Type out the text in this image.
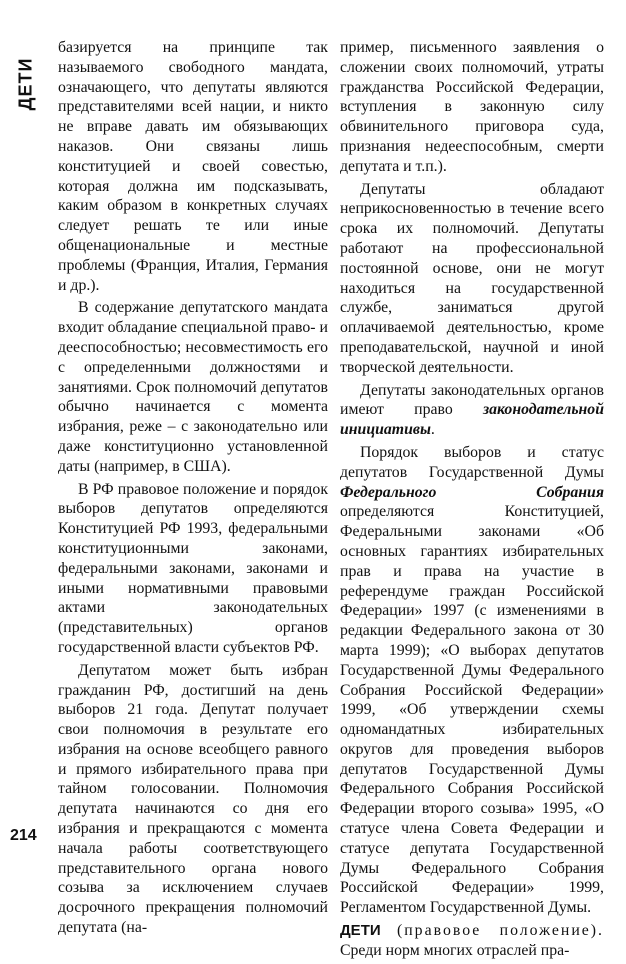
ДЕТИ

базируется на принципе так называемого свободного мандата, означающего, что депутаты являются представителями всей нации, и никто не вправе давать им обязывающих наказов. Они связаны лишь конституцией и своей совестью, которая должна им подсказывать, каким образом в конкретных случаях следует решать те или иные общенациональные и местные проблемы (Франция, Италия, Германия и др.).

В содержание депутатского мандата входит обладание специальной право- и дееспособностью; несовместимость его с определенными должностями и занятиями. Срок полномочий депутатов обычно начинается с момента избрания, реже – с законодательно или даже конституционно установленной даты (например, в США).

В РФ правовое положение и порядок выборов депутатов определяются Конституцией РФ 1993, федеральными конституционными законами, федеральными законами, законами и иными нормативными правовыми актами законодательных (представительных) органов государственной власти субъектов РФ.

Депутатом может быть избран гражданин РФ, достигший на день выборов 21 года. Депутат получает свои полномочия в результате его избрания на основе всеобщего равного и прямого избирательного права при тайном голосовании. Полномочия депутата начинаются со дня его избрания и прекращаются с момента начала работы соответствующего представительного органа нового созыва за исключением случаев досрочного прекращения полномочий депутата (на-

пример, письменного заявления о сложении своих полномочий, утраты гражданства Российской Федерации, вступления в законную силу обвинительного приговора суда, признания недееспособным, смерти депутата и т.п.).

Депутаты обладают неприкосновенностью в течение всего срока их полномочий. Депутаты работают на профессиональной постоянной основе, они не могут находиться на государственной службе, заниматься другой оплачиваемой деятельностью, кроме преподавательской, научной и иной творческой деятельности.

Депутаты законодательных органов имеют право законодательной инициативы.

Порядок выборов и статус депутатов Государственной Думы Федерального Собрания определяются Конституцией, Федеральными законами «Об основных гарантиях избирательных прав и права на участие в референдуме граждан Российской Федерации» 1997 (с изменениями в редакции Федерального закона от 30 марта 1999); «О выборах депутатов Государственной Думы Федерального Собрания Российской Федерации» 1999, «Об утверждении схемы одномандатных избирательных округов для проведения выборов депутатов Государственной Думы Федерального Собрания Российской Федерации второго созыва» 1995, «О статусе члена Совета Федерации и статусе депутата Государственной Думы Федерального Собрания Российской Федерации» 1999, Регламентом Государственной Думы.

ДЕТИ (правовое положение). Среди норм многих отраслей пра-

214
